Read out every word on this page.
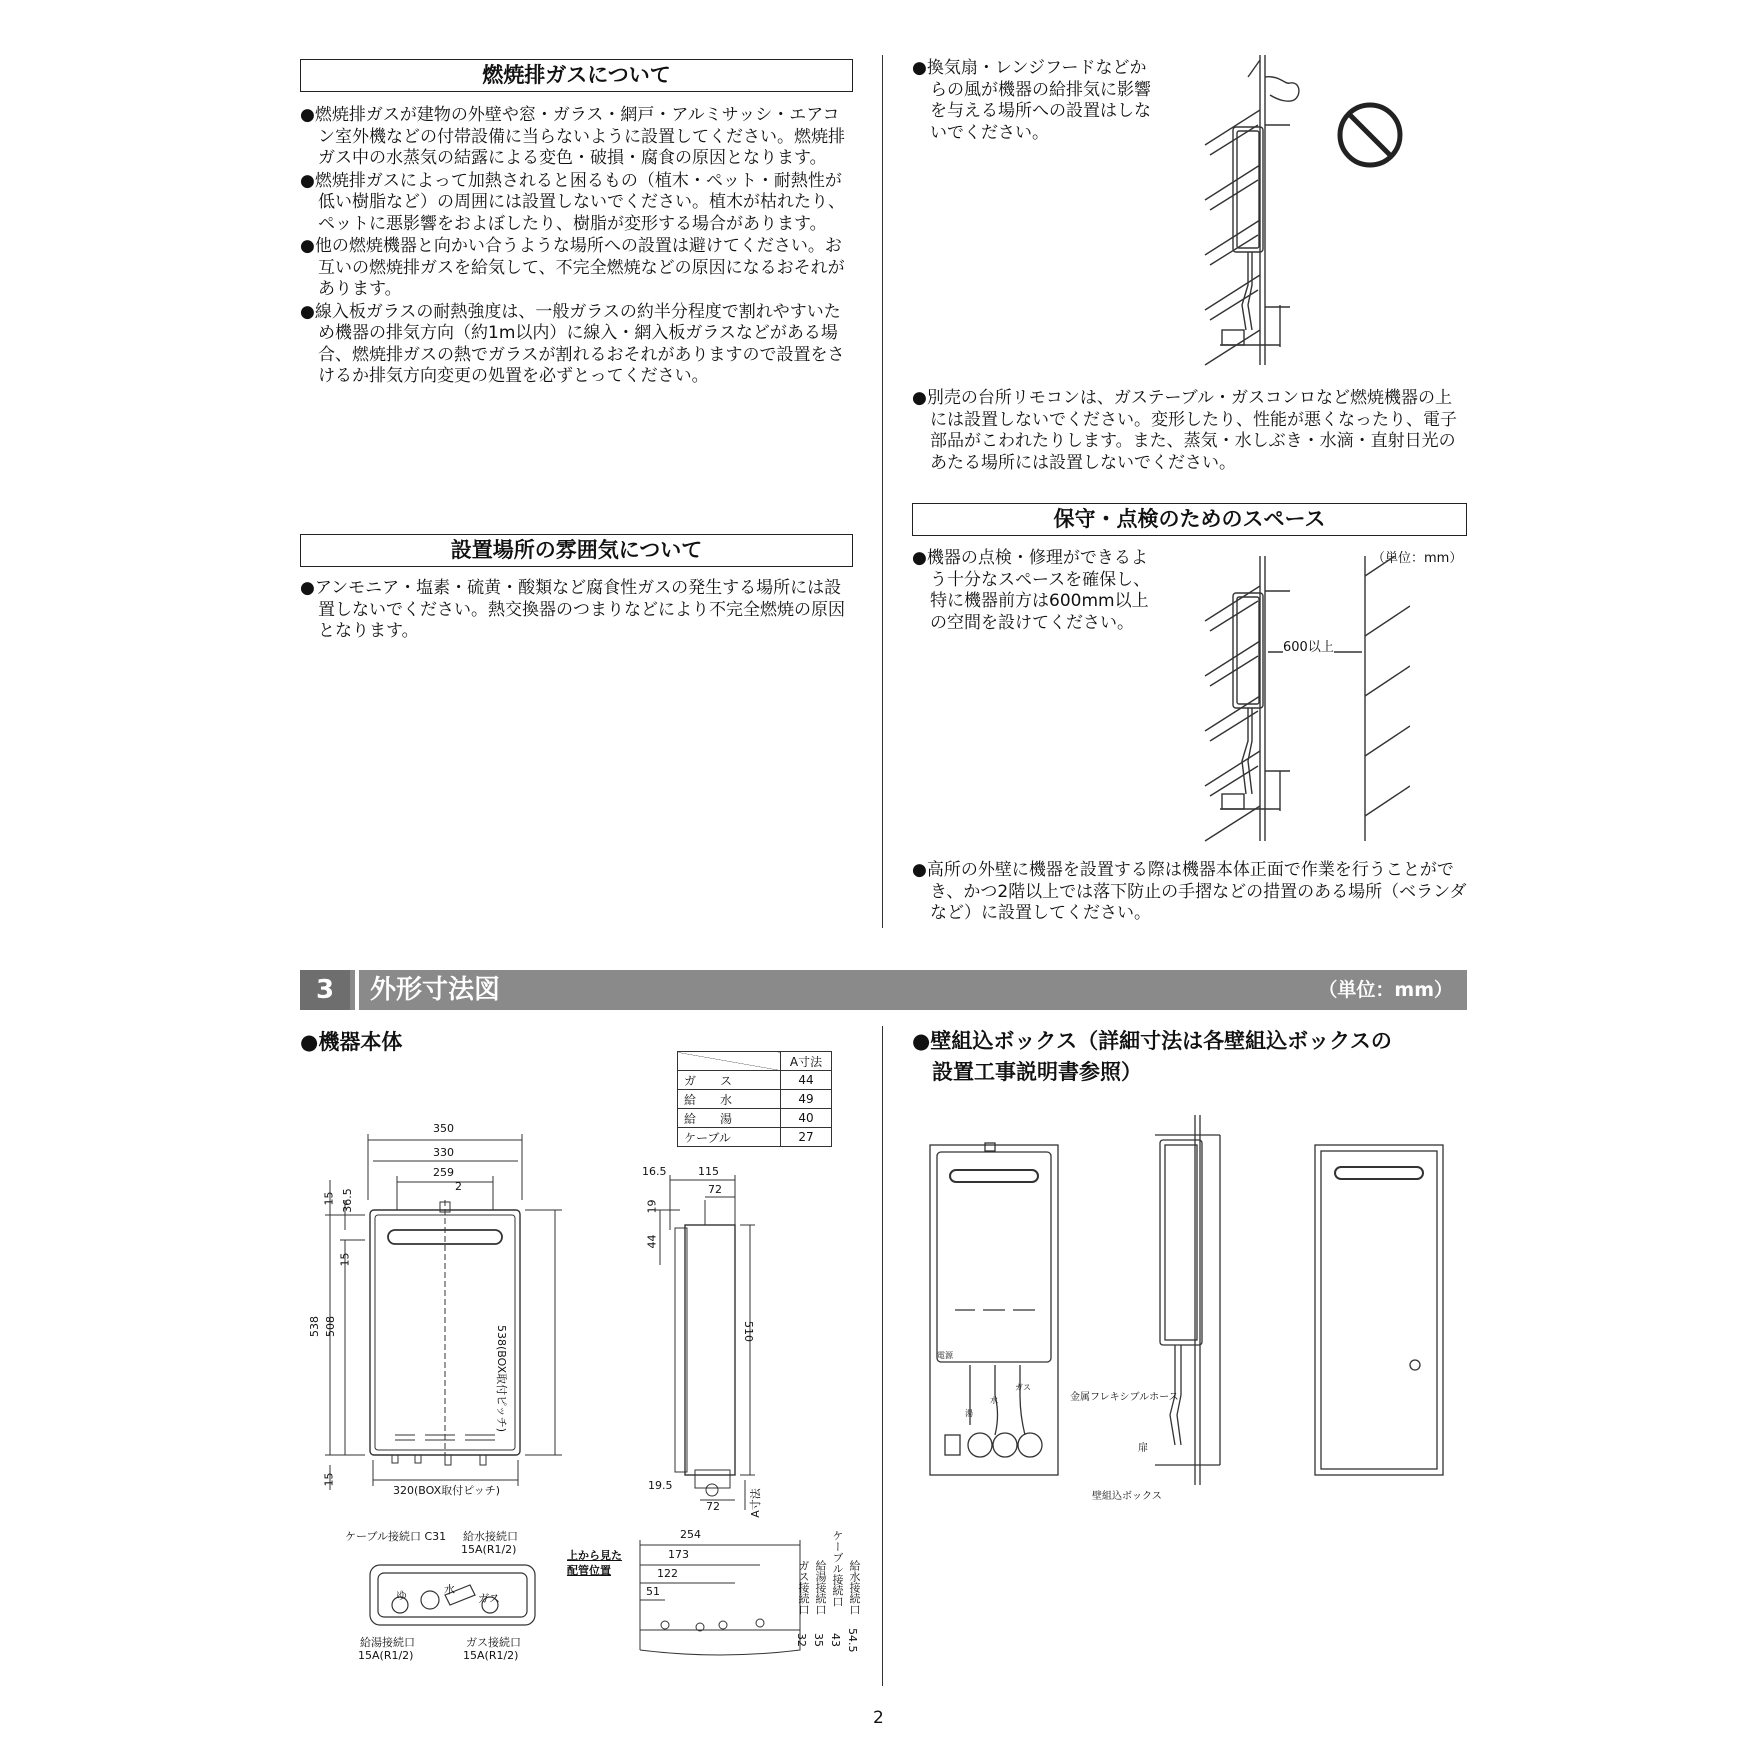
燃焼排ガスについて

●燃焼排ガスが建物の外壁や窓・ガラス・網戸・アルミサッシ・エアコン室外機などの付帯設備に当らないように設置してください。燃焼排ガス中の水蒸気の結露による変色・破損・腐食の原因となります。

●燃焼排ガスによって加熱されると困るもの（植木・ペット・耐熱性が低い樹脂など）の周囲には設置しないでください。植木が枯れたり、ペットに悪影響をおよぼしたり、樹脂が変形する場合があります。

●他の燃焼機器と向かい合うような場所への設置は避けてください。お互いの燃焼排ガスを給気して、不完全燃焼などの原因になるおそれがあります。

●線入板ガラスの耐熱強度は、一般ガラスの約半分程度で割れやすいため機器の排気方向（約1m以内）に線入・網入板ガラスなどがある場合、燃焼排ガスの熱でガラスが割れるおそれがありますので設置をさけるか排気方向変更の処置を必ずとってください。

設置場所の雰囲気について

●アンモニア・塩素・硫黄・酸類など腐食性ガスの発生する場所には設置しないでください。熱交換器のつまりなどにより不完全燃焼の原因となります。

●換気扇・レンジフードなどからの風が機器の給排気に影響を与える場所への設置はしないでください。

●別売の台所リモコンは、ガステーブル・ガスコンロなど燃焼機器の上には設置しないでください。変形したり、性能が悪くなったり、電子部品がこわれたりします。また、蒸気・水しぶき・水滴・直射日光のあたる場所には設置しないでください。

保守・点検のためのスペース

●機器の点検・修理ができるよう十分なスペースを確保し、特に機器前方は600mm以上の空間を設けてください。

（単位：mm）
600以上

●高所の外壁に機器を設置する際は機器本体正面で作業を行うことができ、かつ2階以上では落下防止の手摺などの措置のある場所（ベランダなど）に設置してください。

3	外形寸法図	（単位：mm）
●機器本体	●壁組込ボックス（詳細寸法は各壁組込ボックスの
設置工事説明書参照）
	A寸法
ガ　　ス	44
給　　水	49
給　　湯	40
ケーブル	27
350
330
259
2
538 508
15 36.5
15
15
538(BOX取付ピッチ)
320(BOX取付ピッチ)
16.5	115
72
19
44
510
19.5
72	A寸法
ケーブル接続口 C31 給水接続口
15A(R1/2)
給湯接続口
15A(R1/2)
ガス接続口
15A(R1/2)
ゆ	水
ガス
上から見た
配管位置
254
173
122
51	ガス接続口 給湯接続口 ケーブル接続口 給水接続口
32 35 43 54.5
金属フレキシブルホース
扉
壁組込ボックス
電源
湯
水
ガス
2
